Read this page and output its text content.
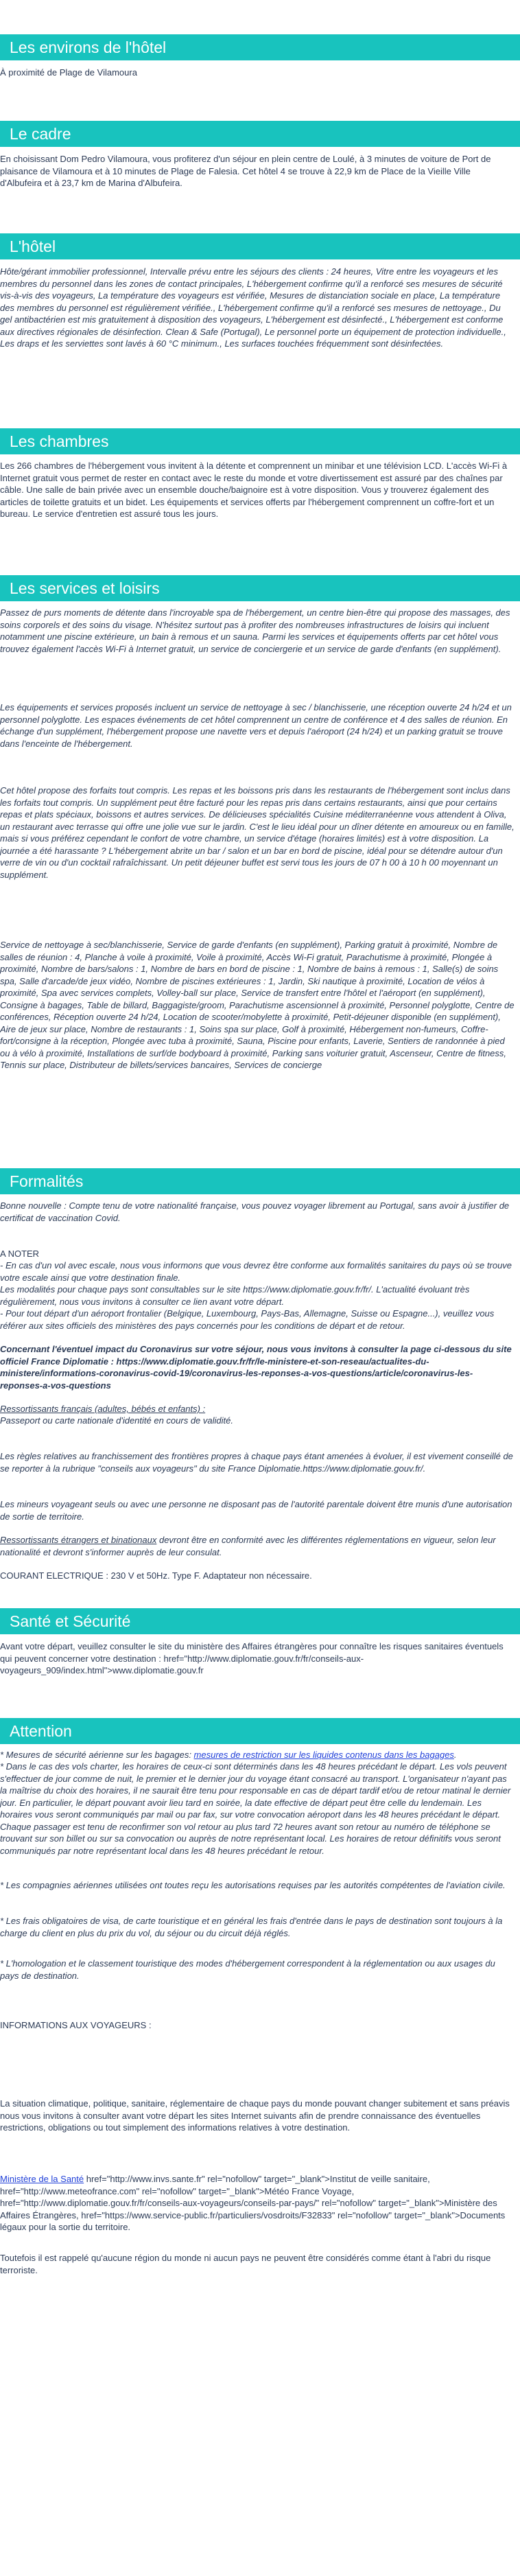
Les environs de l'hôtel
À proximité de Plage de Vilamoura
Le cadre
En choisissant Dom Pedro Vilamoura, vous profiterez d'un séjour en plein centre de Loulé, à 3 minutes de voiture de Port de plaisance de Vilamoura et à 10 minutes de Plage de Falesia. Cet hôtel 4 se trouve à 22,9 km de Place de la Vieille Ville d'Albufeira et à 23,7 km de Marina d'Albufeira.
L'hôtel
Hôte/gérant immobilier professionnel, Intervalle prévu entre les séjours des clients : 24 heures, Vitre entre les voyageurs et les membres du personnel dans les zones de contact principales, L'hébergement confirme qu'il a renforcé ses mesures de sécurité vis-à-vis des voyageurs, La température des voyageurs est vérifiée, Mesures de distanciation sociale en place, La température des membres du personnel est régulièrement vérifiée., L'hébergement confirme qu'il a renforcé ses mesures de nettoyage., Du gel antibactérien est mis gratuitement à disposition des voyageurs, L'hébergement est désinfecté., L'hébergement est conforme aux directives régionales de désinfection. Clean & Safe (Portugal), Le personnel porte un équipement de protection individuelle., Les draps et les serviettes sont lavés à 60 °C minimum., Les surfaces touchées fréquemment sont désinfectées.
Les chambres
Les 266 chambres de l'hébergement vous invitent à la détente et comprennent un minibar et une télévision LCD. L'accès Wi-Fi à Internet gratuit vous permet de rester en contact avec le reste du monde et votre divertissement est assuré par des chaînes par câble. Une salle de bain privée avec un ensemble douche/baignoire est à votre disposition. Vous y trouverez également des articles de toilette gratuits et un bidet. Les équipements et services offerts par l'hébergement comprennent un coffre-fort et un bureau. Le service d'entretien est assuré tous les jours.
Les services et loisirs
Passez de purs moments de détente dans l'incroyable spa de l'hébergement, un centre bien-être qui propose des massages, des soins corporels et des soins du visage. N'hésitez surtout pas à profiter des nombreuses infrastructures de loisirs qui incluent notamment une piscine extérieure, un bain à remous et un sauna. Parmi les services et équipements offerts par cet hôtel vous trouvez également l'accès Wi-Fi à Internet gratuit, un service de conciergerie et un service de garde d'enfants (en supplément).
Les équipements et services proposés incluent un service de nettoyage à sec / blanchisserie, une réception ouverte 24 h/24 et un personnel polyglotte. Les espaces événements de cet hôtel comprennent un centre de conférence et 4 des salles de réunion. En échange d'un supplément, l'hébergement propose une navette vers et depuis l'aéroport (24 h/24) et un parking gratuit se trouve dans l'enceinte de l'hébergement.
Cet hôtel propose des forfaits tout compris. Les repas et les boissons pris dans les restaurants de l'hébergement sont inclus dans les forfaits tout compris. Un supplément peut être facturé pour les repas pris dans certains restaurants, ainsi que pour certains repas et plats spéciaux, boissons et autres services. De délicieuses spécialités Cuisine méditerranéenne vous attendent à Oliva, un restaurant avec terrasse qui offre une jolie vue sur le jardin. C'est le lieu idéal pour un dîner détente en amoureux ou en famille, mais si vous préférez cependant le confort de votre chambre, un service d'étage (horaires limités) est à votre disposition. La journée a été harassante ? L'hébergement abrite un bar / salon et un bar en bord de piscine, idéal pour se détendre autour d'un verre de vin ou d'un cocktail rafraîchissant. Un petit déjeuner buffet est servi tous les jours de 07 h 00 à 10 h 00 moyennant un supplément.
Service de nettoyage à sec/blanchisserie, Service de garde d'enfants (en supplément), Parking gratuit à proximité, Nombre de salles de réunion : 4, Planche à voile à proximité, Voile à proximité, Accès Wi-Fi gratuit, Parachutisme à proximité, Plongée à proximité, Nombre de bars/salons : 1, Nombre de bars en bord de piscine : 1, Nombre de bains à remous : 1, Salle(s) de soins spa, Salle d'arcade/de jeux vidéo, Nombre de piscines extérieures : 1, Jardin, Ski nautique à proximité, Location de vélos à proximité, Spa avec services complets, Volley-ball sur place, Service de transfert entre l'hôtel et l'aéroport (en supplément), Consigne à bagages, Table de billard, Baggagiste/groom, Parachutisme ascensionnel à proximité, Personnel polyglotte, Centre de conférences, Réception ouverte 24 h/24, Location de scooter/mobylette à proximité, Petit-déjeuner disponible (en supplément), Aire de jeux sur place, Nombre de restaurants : 1, Soins spa sur place, Golf à proximité, Hébergement non-fumeurs, Coffre-fort/consigne à la réception, Plongée avec tuba à proximité, Sauna, Piscine pour enfants, Laverie, Sentiers de randonnée à pied ou à vélo à proximité, Installations de surf/de bodyboard à proximité, Parking sans voiturier gratuit, Ascenseur, Centre de fitness, Tennis sur place, Distributeur de billets/services bancaires, Services de concierge
Formalités
Bonne nouvelle : Compte tenu de votre nationalité française, vous pouvez voyager librement au Portugal, sans avoir à justifier de certificat de vaccination Covid.
A NOTER
- En cas d'un vol avec escale, nous vous informons que vous devrez être conforme aux formalités sanitaires du pays où se trouve votre escale ainsi que votre destination finale.
Les modalités pour chaque pays sont consultables sur le site https://www.diplomatie.gouv.fr/fr/. L'actualité évoluant très régulièrement, nous vous invitons à consulter ce lien avant votre départ.
- Pour tout départ d'un aéroport frontalier (Belgique, Luxembourg, Pays-Bas, Allemagne, Suisse ou Espagne...), veuillez vous référer aux sites officiels des ministères des pays concernés pour les conditions de départ et de retour.
Concernant l'éventuel impact du Coronavirus sur votre séjour, nous vous invitons à consulter la page ci-dessous du site officiel France Diplomatie : https://www.diplomatie.gouv.fr/fr/le-ministere-et-son-reseau/actualites-du-ministere/informations-coronavirus-covid-19/coronavirus-les-reponses-a-vos-questions/article/coronavirus-les-reponses-a-vos-questions
Ressortissants français (adultes, bébés et enfants) :
Passeport ou carte nationale d'identité en cours de validité.
Les règles relatives au franchissement des frontières propres à chaque pays étant amenées à évoluer, il est vivement conseillé de se reporter à la rubrique "conseils aux voyageurs" du site France Diplomatie.https://www.diplomatie.gouv.fr/.
Les mineurs voyageant seuls ou avec une personne ne disposant pas de l'autorité parentale doivent être munis d'une autorisation de sortie de territoire.
Ressortissants étrangers et binationaux devront être en conformité avec les différentes réglementations en vigueur, selon leur nationalité et devront s'informer auprès de leur consulat.
COURANT ELECTRIQUE : 230 V et 50Hz. Type F. Adaptateur non nécessaire.
Santé et Sécurité
Avant votre départ, veuillez consulter le site du ministère des Affaires étrangères pour connaître les risques sanitaires éventuels qui peuvent concerner votre destination : href="http://www.diplomatie.gouv.fr/fr/conseils-aux-voyageurs_909/index.html">www.diplomatie.gouv.fr
Attention
* Mesures de sécurité aérienne sur les bagages: mesures de restriction sur les liquides contenus dans les bagages.
* Dans le cas des vols charter, les horaires de ceux-ci sont déterminés dans les 48 heures précédant le départ. Les vols peuvent s'effectuer de jour comme de nuit, le premier et le dernier jour du voyage étant consacré au transport. L'organisateur n'ayant pas la maîtrise du choix des horaires, il ne saurait être tenu pour responsable en cas de départ tardif et/ou de retour matinal le dernier jour. En particulier, le départ pouvant avoir lieu tard en soirée, la date effective de départ peut être celle du lendemain. Les horaires vous seront communiqués par mail ou par fax, sur votre convocation aéroport dans les 48 heures précédant le départ. Chaque passager est tenu de reconfirmer son vol retour au plus tard 72 heures avant son retour au numéro de téléphone se trouvant sur son billet ou sur sa convocation ou auprès de notre représentant local. Les horaires de retour définitifs vous seront communiqués par notre représentant local dans les 48 heures précédant le retour.
* Les compagnies aériennes utilisées ont toutes reçu les autorisations requises par les autorités compétentes de l'aviation civile.
* Les frais obligatoires de visa, de carte touristique et en général les frais d'entrée dans le pays de destination sont toujours à la charge du client en plus du prix du vol, du séjour ou du circuit déjà réglés.
* L'homologation et le classement touristique des modes d'hébergement correspondent à la réglementation ou aux usages du pays de destination.
INFORMATIONS AUX VOYAGEURS :
La situation climatique, politique, sanitaire, réglementaire de chaque pays du monde pouvant changer subitement et sans préavis nous vous invitons à consulter avant votre départ les sites Internet suivants afin de prendre connaissance des éventuelles restrictions, obligations ou tout simplement des informations relatives à votre destination.
Ministère de la Santé href="http://www.invs.sante.fr" rel="nofollow" target="_blank">Institut de veille sanitaire, href="http://www.meteofrance.com" rel="nofollow" target="_blank">Météo France Voyage, href="http://www.diplomatie.gouv.fr/fr/conseils-aux-voyageurs/conseils-par-pays/" rel="nofollow" target="_blank">Ministère des Affaires Étrangères, href="https://www.service-public.fr/particuliers/vosdroits/F32833" rel="nofollow" target="_blank">Documents légaux pour la sortie du territoire.
Toutefois il est rappelé qu'aucune région du monde ni aucun pays ne peuvent être considérés comme étant à l'abri du risque terroriste.
